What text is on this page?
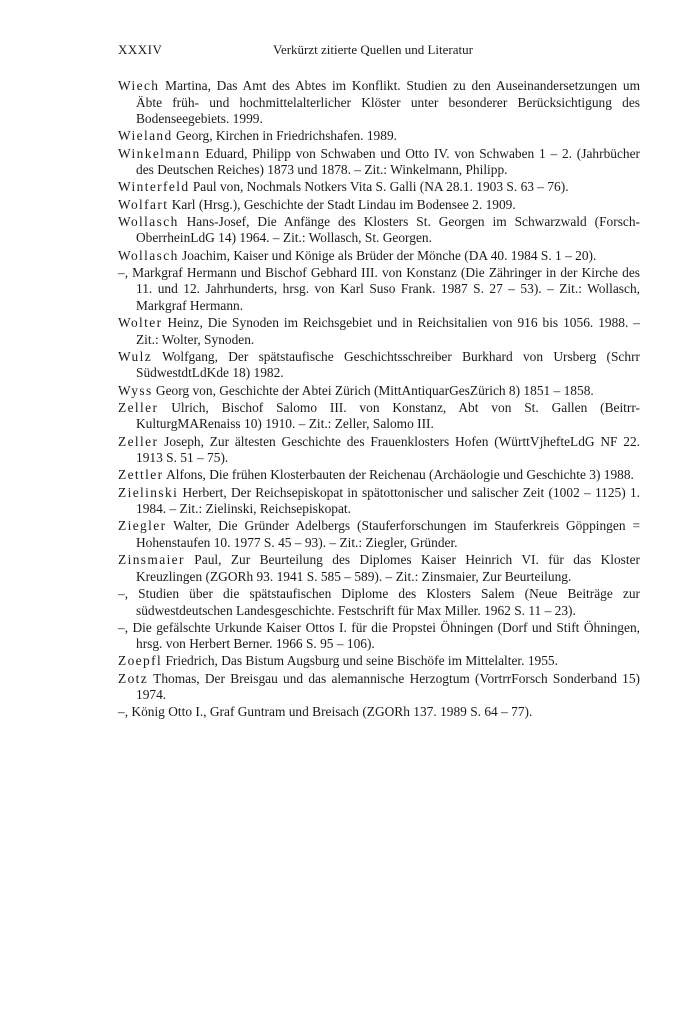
XXXIV	Verkürzt zitierte Quellen und Literatur
Wiech Martina, Das Amt des Abtes im Konflikt. Studien zu den Auseinandersetzungen um Äbte früh- und hochmittelalterlicher Klöster unter besonderer Berücksichtigung des Bodenseegebiets. 1999.
Wieland Georg, Kirchen in Friedrichshafen. 1989.
Winkelmann Eduard, Philipp von Schwaben und Otto IV. von Schwaben 1 – 2. (Jahrbücher des Deutschen Reiches) 1873 und 1878. – Zit.: Winkelmann, Philipp.
Winterfeld Paul von, Nochmals Notkers Vita S. Galli (NA 28.1. 1903 S. 63 – 76).
Wolfart Karl (Hrsg.), Geschichte der Stadt Lindau im Bodensee 2. 1909.
Wollasch Hans-Josef, Die Anfänge des Klosters St. Georgen im Schwarzwald (Forsch-OberrheinLdG 14) 1964. – Zit.: Wollasch, St. Georgen.
Wollasch Joachim, Kaiser und Könige als Brüder der Mönche (DA 40. 1984 S. 1 – 20).
–, Markgraf Hermann und Bischof Gebhard III. von Konstanz (Die Zähringer in der Kirche des 11. und 12. Jahrhunderts, hrsg. von Karl Suso Frank. 1987 S. 27 – 53). – Zit.: Wollasch, Markgraf Hermann.
Wolter Heinz, Die Synoden im Reichsgebiet und in Reichsitalien von 916 bis 1056. 1988. – Zit.: Wolter, Synoden.
Wulz Wolfgang, Der spätstaufische Geschichtsschreiber Burkhard von Ursberg (Schrr SüdwestdtLdKde 18) 1982.
Wyss Georg von, Geschichte der Abtei Zürich (MittAntiquarGesZürich 8) 1851 – 1858.
Zeller Ulrich, Bischof Salomo III. von Konstanz, Abt von St. Gallen (Beitrr-KulturgMARenaiss 10) 1910. – Zit.: Zeller, Salomo III.
Zeller Joseph, Zur ältesten Geschichte des Frauenklosters Hofen (WürttVjhefteLdG NF 22. 1913 S. 51 – 75).
Zettler Alfons, Die frühen Klosterbauten der Reichenau (Archäologie und Geschichte 3) 1988.
Zielinski Herbert, Der Reichsepiskopat in spätottonischer und salischer Zeit (1002 – 1125) 1. 1984. – Zit.: Zielinski, Reichsepiskopat.
Ziegler Walter, Die Gründer Adelbergs (Stauferforschungen im Stauferkreis Göppingen = Hohenstaufen 10. 1977 S. 45 – 93). – Zit.: Ziegler, Gründer.
Zinsmaier Paul, Zur Beurteilung des Diplomes Kaiser Heinrich VI. für das Kloster Kreuzlingen (ZGORh 93. 1941 S. 585 – 589). – Zit.: Zinsmaier, Zur Beurteilung.
–, Studien über die spätstaufischen Diplome des Klosters Salem (Neue Beiträge zur südwestdeutschen Landesgeschichte. Festschrift für Max Miller. 1962 S. 11 – 23).
–, Die gefälschte Urkunde Kaiser Ottos I. für die Propstei Öhningen (Dorf und Stift Öhningen, hrsg. von Herbert Berner. 1966 S. 95 – 106).
Zoepfl Friedrich, Das Bistum Augsburg und seine Bischöfe im Mittelalter. 1955.
Zotz Thomas, Der Breisgau und das alemannische Herzogtum (VortrrForsch Sonderband 15) 1974.
–, König Otto I., Graf Guntram und Breisach (ZGORh 137. 1989 S. 64 – 77).
